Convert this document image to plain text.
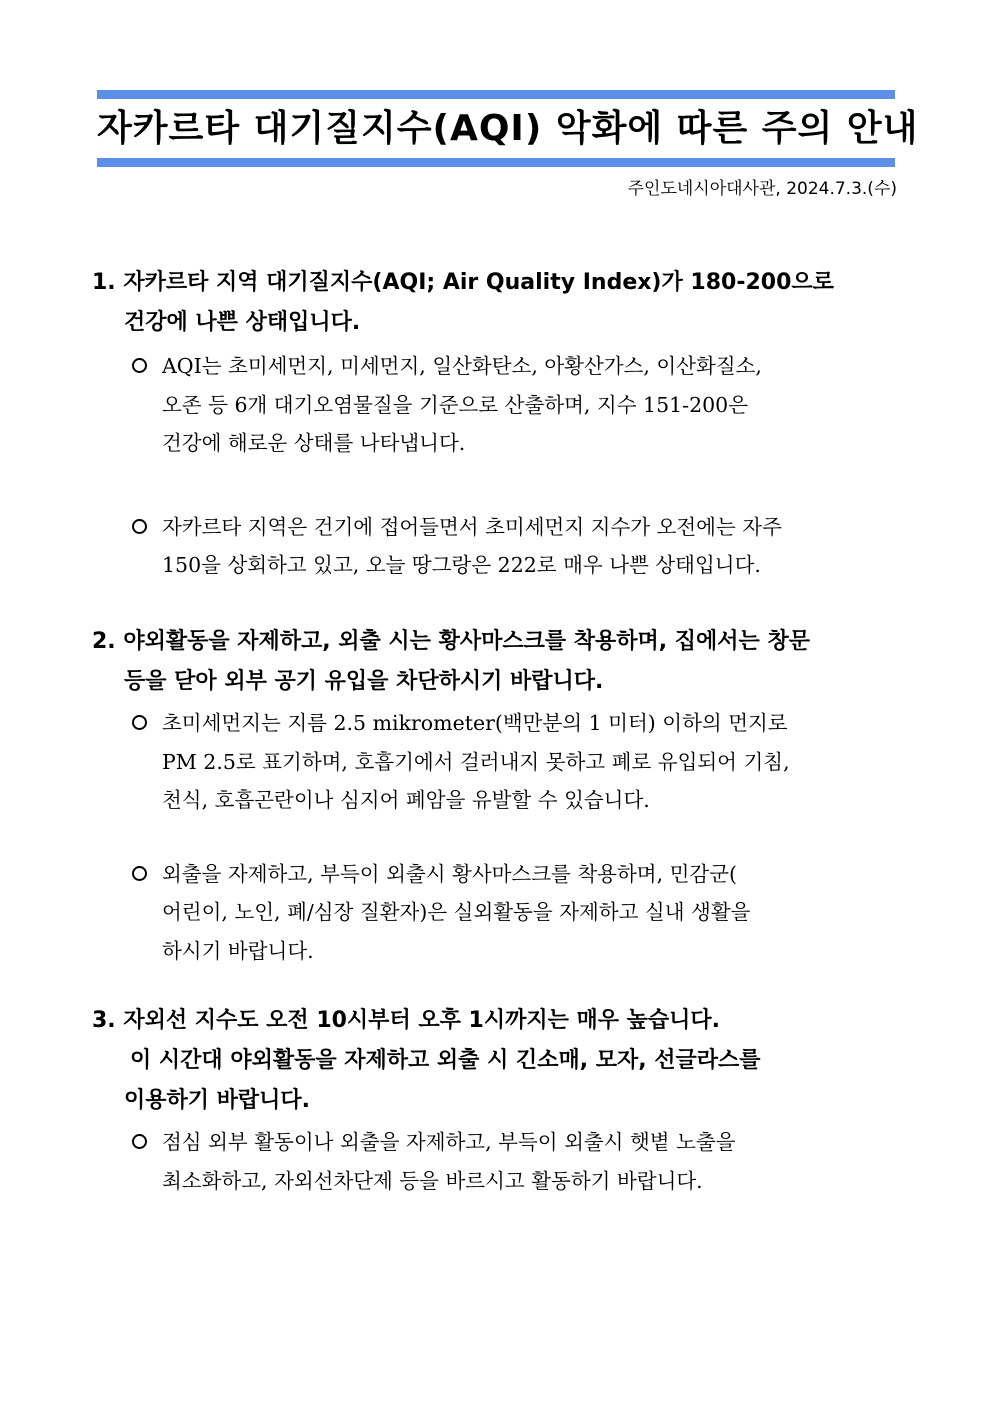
자카르타 대기질지수(AQI) 악화에 따른 주의 안내
주인도네시아대사관, 2024.7.3.(수)
1. 자카르타 지역 대기질지수(AQI; Air Quality Index)가 180-200으로
건강에 나쁜 상태입니다.
AQI는 초미세먼지, 미세먼지, 일산화탄소, 아황산가스, 이산화질소,
오존 등 6개 대기오염물질을 기준으로 산출하며, 지수 151-200은
건강에 해로운 상태를 나타냅니다.
자카르타 지역은 건기에 접어들면서 초미세먼지 지수가 오전에는 자주
150을 상회하고 있고, 오늘 땅그랑은 222로 매우 나쁜 상태입니다.
2. 야외활동을 자제하고, 외출 시는 황사마스크를 착용하며, 집에서는 창문
등을 닫아 외부 공기 유입을 차단하시기 바랍니다.
초미세먼지는 지름 2.5 mikrometer(백만분의 1 미터) 이하의 먼지로
PM 2.5로 표기하며, 호흡기에서 걸러내지 못하고 폐로 유입되어 기침,
천식, 호흡곤란이나 심지어 폐암을 유발할 수 있습니다.
외출을 자제하고, 부득이 외출시 황사마스크를 착용하며, 민감군(
어린이, 노인, 폐/심장 질환자)은 실외활동을 자제하고 실내 생활을
하시기 바랍니다.
3. 자외선 지수도 오전 10시부터 오후 1시까지는 매우 높습니다.
이 시간대 야외활동을 자제하고 외출 시 긴소매, 모자, 선글라스를
이용하기 바랍니다.
점심 외부 활동이나 외출을 자제하고, 부득이 외출시 햇볕 노출을
최소화하고, 자외선차단제 등을 바르시고 활동하기 바랍니다.
